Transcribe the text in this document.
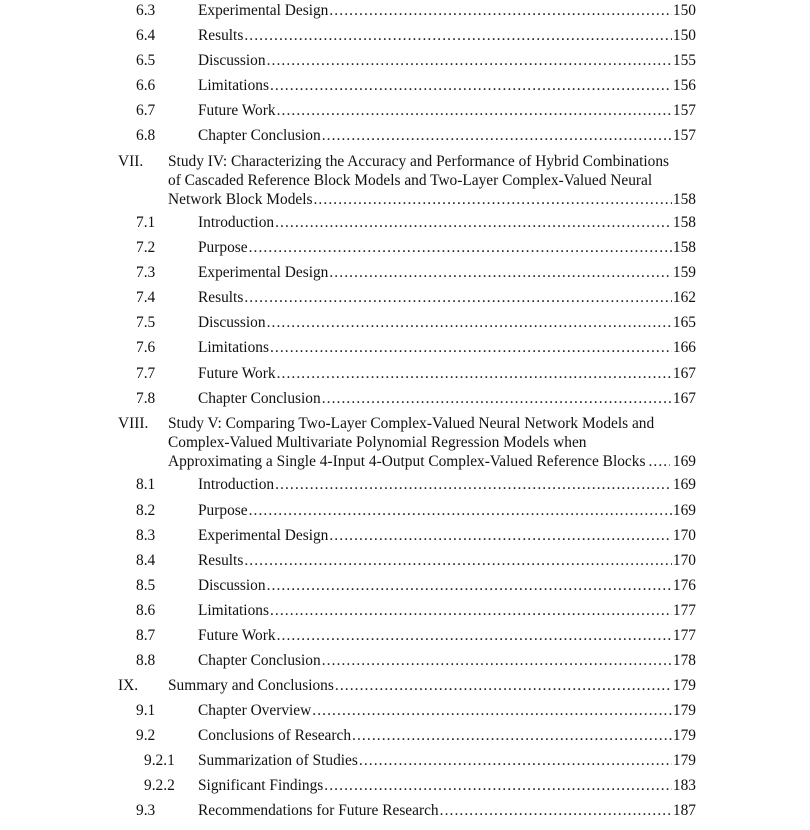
6.3	Experimental Design .....	150
6.4	Results .....	150
6.5	Discussion .....	155
6.6	Limitations .....	156
6.7	Future Work .....	157
6.8	Chapter Conclusion .....	157
VII. Study IV: Characterizing the Accuracy and Performance of Hybrid Combinations
of Cascaded Reference Block Models and Two-Layer Complex-Valued Neural
Network Block Models .....	158
7.1	Introduction .....	158
7.2	Purpose .....	158
7.3	Experimental Design .....	159
7.4	Results .....	162
7.5	Discussion .....	165
7.6	Limitations .....	166
7.7	Future Work .....	167
7.8	Chapter Conclusion .....	167
VIII. Study V: Comparing Two-Layer Complex-Valued Neural Network Models and
Complex-Valued Multivariate Polynomial Regression Models when
Approximating a Single 4-Input 4-Output Complex-Valued Reference Blocks ..... 169
8.1	Introduction .....	169
8.2	Purpose .....	169
8.3	Experimental Design .....	170
8.4	Results .....	170
8.5	Discussion .....	176
8.6	Limitations .....	177
8.7	Future Work .....	177
8.8	Chapter Conclusion .....	178
IX. Summary and Conclusions .....	179
9.1	Chapter Overview .....	179
9.2	Conclusions of Research .....	179
9.2.1 Summarization of Studies .....	179
9.2.2 Significant Findings .....	183
9.3	Recommendations for Future Research .....	187
